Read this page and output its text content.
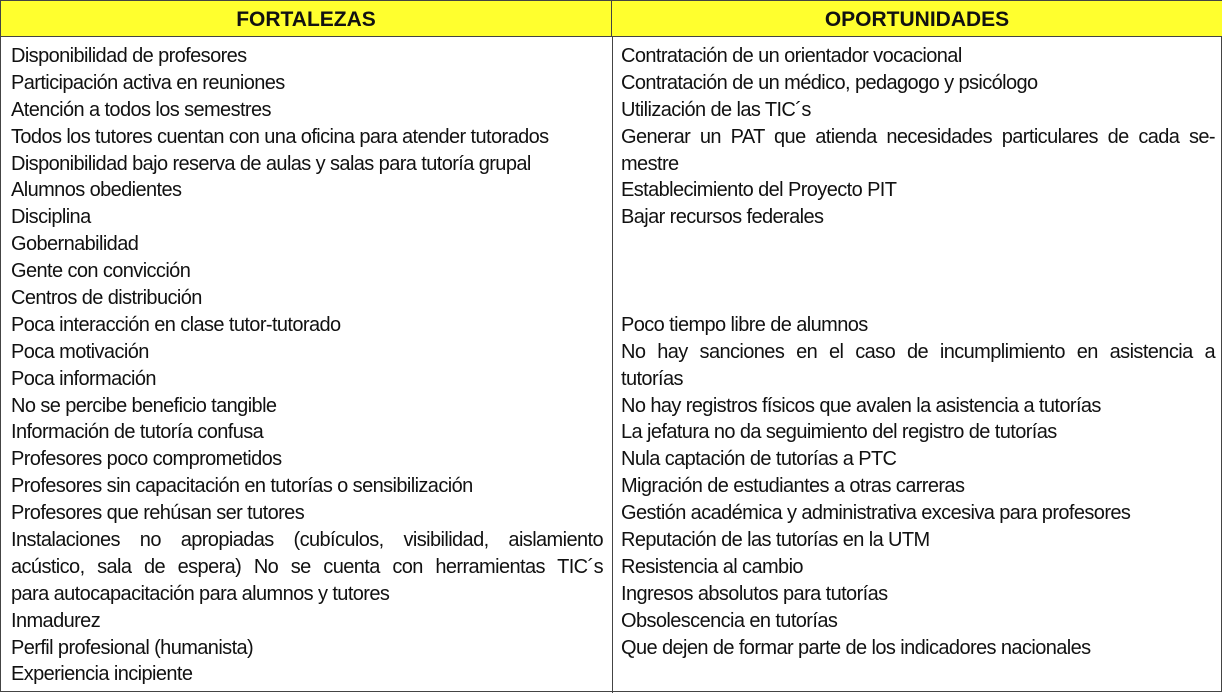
FORTALEZAS	OPORTUNIDADES
Disponibilidad de profesores
Participación activa en reuniones
Atención a todos los semestres
Todos los tutores cuentan con una oficina para atender tutorados
Disponibilidad bajo reserva de aulas y salas para tutoría grupal
Alumnos obedientes
Disciplina
Gobernabilidad
Gente con convicción
Centros de distribución
Poca interacción en clase tutor-tutorado
Poca motivación
Poca información
No se percibe beneficio tangible
Información de tutoría confusa
Profesores poco comprometidos
Profesores sin capacitación en tutorías o sensibilización
Profesores que rehúsan ser tutores
Instalaciones no apropiadas (cubículos, visibilidad, aislamiento
acústico, sala de espera) No se cuenta con herramientas TIC´s
para autocapacitación para alumnos y tutores
Inmadurez
Perfil profesional (humanista)
Experiencia incipiente
Contratación de un orientador vocacional
Contratación de un médico, pedagogo y psicólogo
Utilización de las TIC´s
Generar un PAT que atienda necesidades particulares de cada se-
mestre
Establecimiento del Proyecto PIT
Bajar recursos federales
Poco tiempo libre de alumnos
No hay sanciones en el caso de incumplimiento en asistencia a
tutorías
No hay registros físicos que avalen la asistencia a tutorías
La jefatura no da seguimiento del registro de tutorías
Nula captación de tutorías a PTC
Migración de estudiantes a otras carreras
Gestión académica y administrativa excesiva para profesores
Reputación de las tutorías en la UTM
Resistencia al cambio
Ingresos absolutos para tutorías
Obsolescencia en tutorías
Que dejen de formar parte de los indicadores nacionales
